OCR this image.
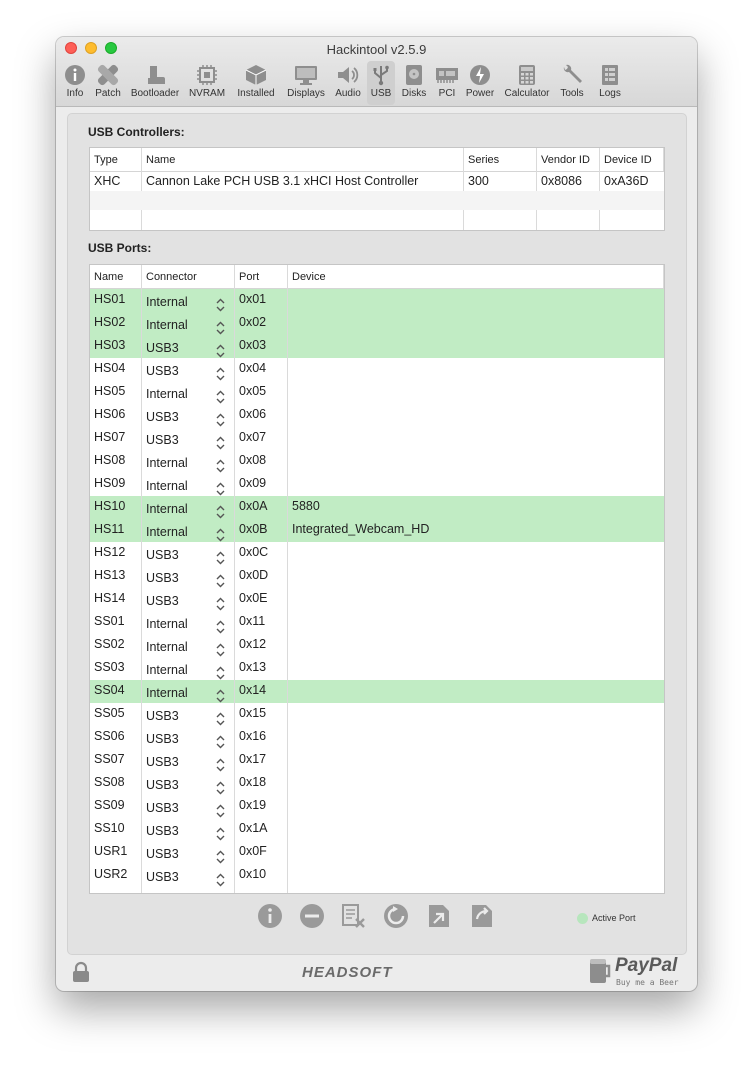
Hackintool v2.5.9
Info	Patch	Bootloader NVRAM	Installed	Displays	Audio USB	Disks	PCI	Power	Calculator	Tools	Logs
USB Controllers:
Type	Name	Series	Vendor ID	Device ID
XHC	Cannon Lake PCH USB 3.1 xHCI Host Controller	300	0x8086	0xA36D
USB Ports:
Name	Connector	Port	Device
HS01	Internal	0x01
HS02	Internal	0x02
HS03	USB3	0x03
HS04	USB3	0x04
HS05	Internal	0x05
HS06	USB3	0x06
HS07	USB3	0x07
HS08	Internal	0x08
HS09	Internal	0x09
HS10	Internal	0x0A	5880
HS11	Internal	0x0B	Integrated_Webcam_HD
HS12	USB3	0x0C
HS13	USB3	0x0D
HS14	USB3	0x0E
SS01	Internal	0x11
SS02	Internal	0x12
SS03	Internal	0x13
SS04	Internal	0x14
SS05	USB3	0x15
SS06	USB3	0x16
SS07	USB3	0x17
SS08	USB3	0x18
SS09	USB3	0x19
SS10	USB3	0x1A
USR1	USB3	0x0F
USR2	USB3	0x10
Active Port
HEADSOFT	PayPal
Buy me a Beer
